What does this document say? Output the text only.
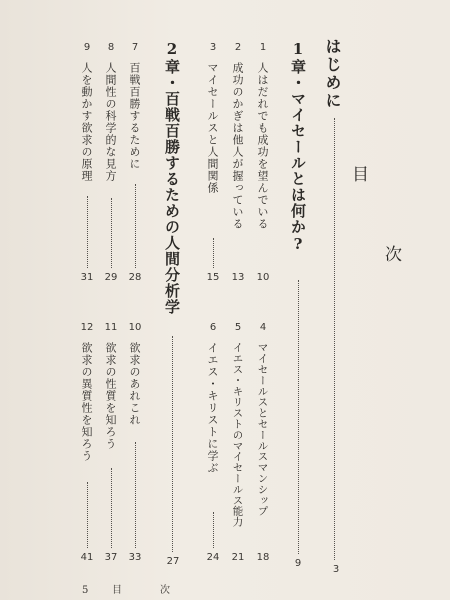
目
次
はじめに
3
1章・マイセールとは何か?
9
1
人はだれでも成功を望んでいる
10
2
成功のかぎは他人が握っている
13
3
マイセールスと人間関係
15
4
マイセールスとセールスマンシップ
18
5
イエス・キリストのマイセールス能力
21
6
イエス・キリストに学ぶ
24
2章・百戦百勝するための人間分析学
27
7
百戦百勝するために
28
8
人間性の科学的な見方
29
9
人を動かす欲求の原理
31
10
欲求のあれこれ
33
11
欲求の性質を知ろう
37
12
欲求の異質性を知ろう
41
5 目　次
